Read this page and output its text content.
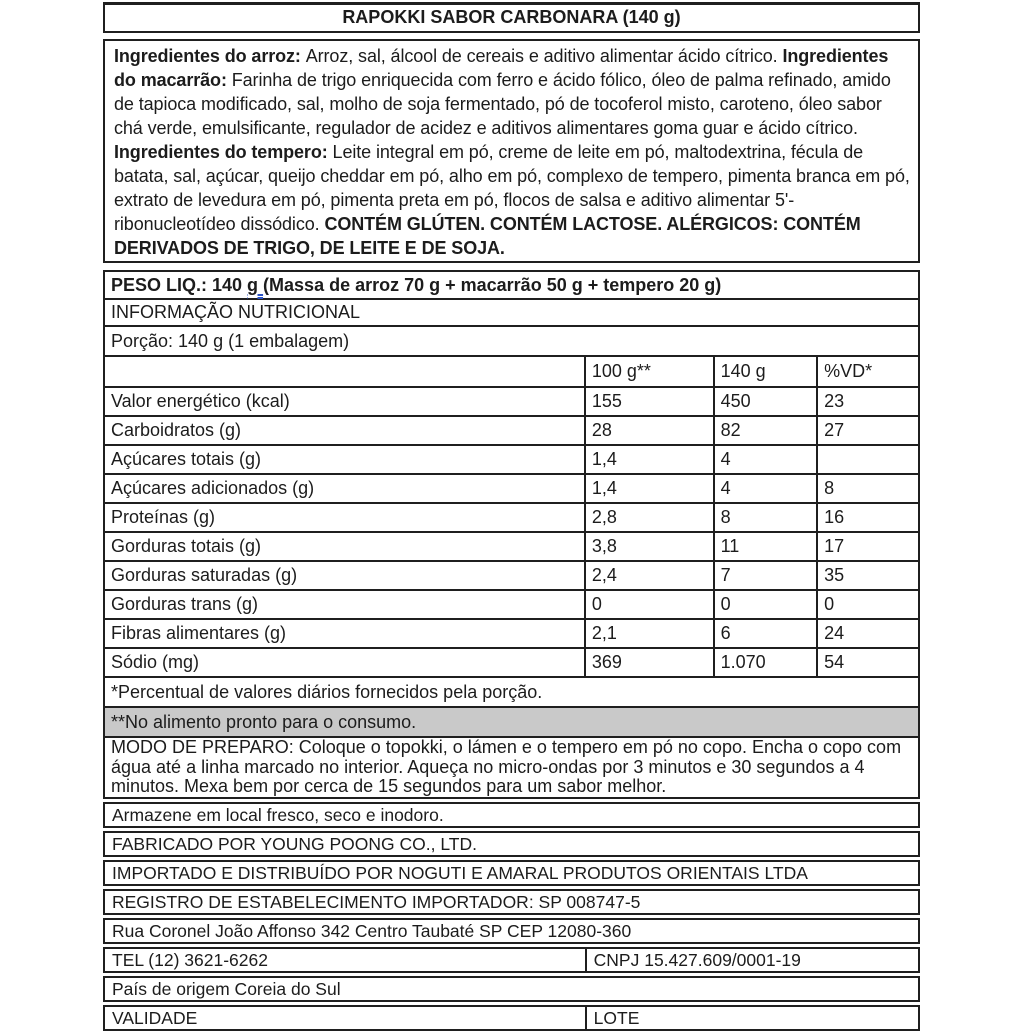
RAPOKKI SABOR CARBONARA (140 g)
Ingredientes do arroz: Arroz, sal, álcool de cereais e aditivo alimentar ácido cítrico. Ingredientes do macarrão: Farinha de trigo enriquecida com ferro e ácido fólico, óleo de palma refinado, amido de tapioca modificado, sal, molho de soja fermentado, pó de tocoferol misto, caroteno, óleo sabor chá verde, emulsificante, regulador de acidez e aditivos alimentares goma guar e ácido cítrico. Ingredientes do tempero: Leite integral em pó, creme de leite em pó, maltodextrina, fécula de batata, sal, açúcar, queijo cheddar em pó, alho em pó, complexo de tempero, pimenta branca em pó, extrato de levedura em pó, pimenta preta em pó, flocos de salsa e aditivo alimentar 5'-ribonucleotídeo dissódico. CONTÉM GLÚTEN. CONTÉM LACTOSE. ALÉRGICOS: CONTÉM DERIVADOS DE TRIGO, DE LEITE E DE SOJA.
PESO LIQ.: 140 g (Massa de arroz 70 g + macarrão 50 g + tempero 20 g)			
INFORMAÇÃO NUTRICIONAL			
Porção: 140 g (1 embalagem)			
	100 g**	140 g	%VD*
Valor energético (kcal)	155	450	23
Carboidratos (g)	28	82	27
Açúcares totais (g)	1,4	4	
Açúcares adicionados (g)	1,4	4	8
Proteínas (g)	2,8	8	16
Gorduras totais (g)	3,8	11	17
Gorduras saturadas (g)	2,4	7	35
Gorduras trans (g)	0	0	0
Fibras alimentares (g)	2,1	6	24
Sódio (mg)	369	1.070	54
*Percentual de valores diários fornecidos pela porção.			
**No alimento pronto para o consumo.			
MODO DE PREPARO: Coloque o topokki, o lámen e o tempero em pó no copo. Encha o copo com água até a linha marcado no interior. Aqueça no micro-ondas por 3 minutos e 30 segundos a 4 minutos. Mexa bem por cerca de 15 segundos para um sabor melhor.			
Armazene em local fresco, seco e inodoro.
FABRICADO POR YOUNG POONG CO., LTD.
IMPORTADO E DISTRIBUÍDO POR NOGUTI E AMARAL PRODUTOS ORIENTAIS LTDA
REGISTRO DE ESTABELECIMENTO IMPORTADOR: SP 008747-5
Rua Coronel João Affonso 342 Centro Taubaté SP CEP 12080-360
TEL (12) 3621-6262	CNPJ 15.427.609/0001-19
País de origem Coreia do Sul
VALIDADE	LOTE
